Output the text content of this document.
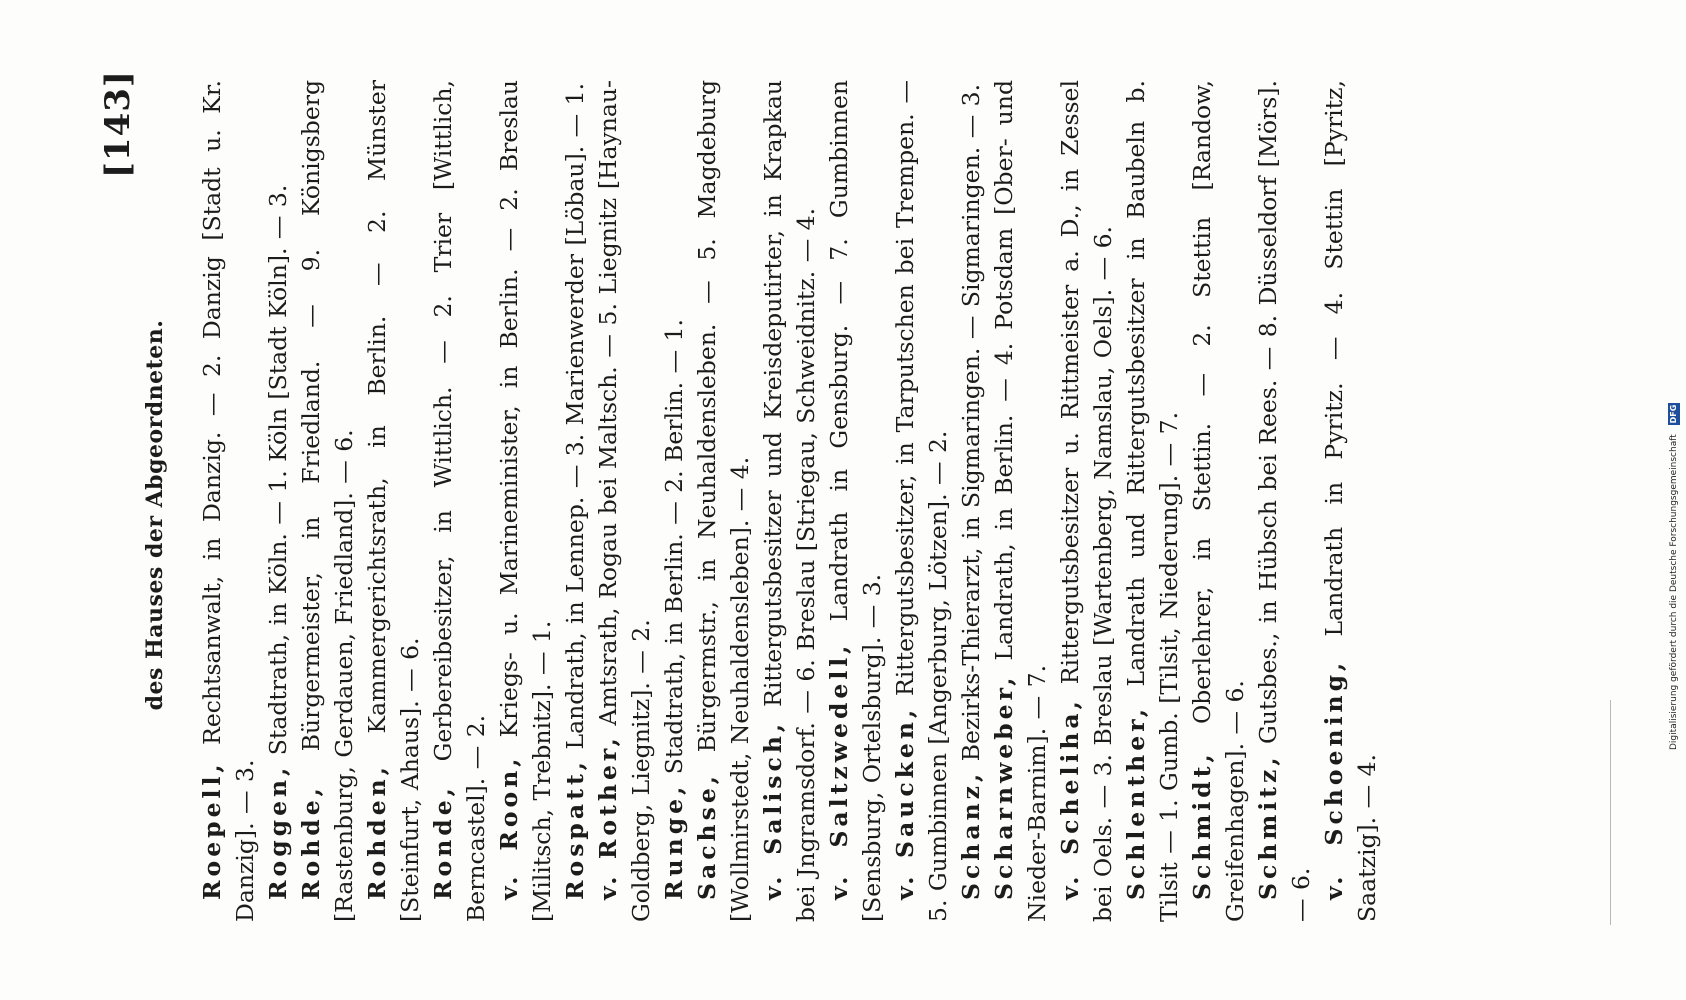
[143]
des Hauses der Abgeordneten.

Roepell, Rechtsanwalt, in Danzig. — 2. Danzig [Stadt u. Kr. Danzig]. — 3. Roggen, Stadtrath, in Köln. — 1. Köln [Stadt Köln]. — 3.

Rohde, Bürgermeister, in Friedland. — 9. Königsberg [Rastenburg, Gerdauen, Friedland]. — 6. Rohden, Kammergerichtsrath, in Berlin. — 2. Münster [Steinfurt, Ahaus]. — 6. Ronde, Gerbereibesitzer, in Wittlich. — 2. Trier [Wittlich, Berncastel]. — 2. v. Roon, Kriegs- u. Marineminister, in Berlin. — 2. Breslau [Militsch, Trebnitz]. — 1. Rospatt, Landrath, in Lennep. — 3. Marienwerder [Löbau]. — 1.

v. Rother, Amtsrath, Rogau bei Maltsch. — 5. Liegnitz [Haynau-Goldberg, Liegnitz]. — 2. Runge, Stadtrath, in Berlin. — 2. Berlin. — 1.

Sachse, Bürgermstr., in Neuhaldensleben. — 5. Magdeburg [Wollmirstedt, Neuhaldensleben]. — 4. v. Salisch, Rittergutsbesitzer und Kreisdeputirter, in Krapkau bei Jngramsdorf. — 6. Breslau [Striegau, Schweidnitz. — 4. v. Saltzwedell, Landrath in Gensburg. — 7. Gumbinnen [Sensburg, Ortelsburg]. — 3. v. Saucken, Rittergutsbesitzer, in Tarputschen bei Trempen. — 5. Gumbinnen [Angerburg, Lötzen]. — 2. Schanz, Bezirks-Thierarzt, in Sigmaringen. — Sigmaringen. — 3.

Scharnweber, Landrath, in Berlin. — 4. Potsdam [Ober- und Nieder-Barnim]. — 7. v. Scheliha, Rittergutsbesitzer u. Rittmeister a. D., in Zessel bei Oels. — 3. Breslau [Wartenberg, Namslau, Oels]. — 6. Schlenther, Landrath und Rittergutsbesitzer in Baubeln b. Tilsit — 1. Gumb. [Tilsit, Niederung]. — 7. Schmidt, Oberlehrer, in Stettin. — 2. Stettin [Randow, Greifenhagen]. — 6. Schmitz, Gutsbes., in Hübsch bei Rees. — 8. Düsseldorf [Mörs]. — 6. v. Schoening, Landrath in Pyritz. — 4. Stettin [Pyritz, Saatzig]. — 4.

Digitalisierung gefördert durch die Deutsche Forschungsgemeinschaft DFG
